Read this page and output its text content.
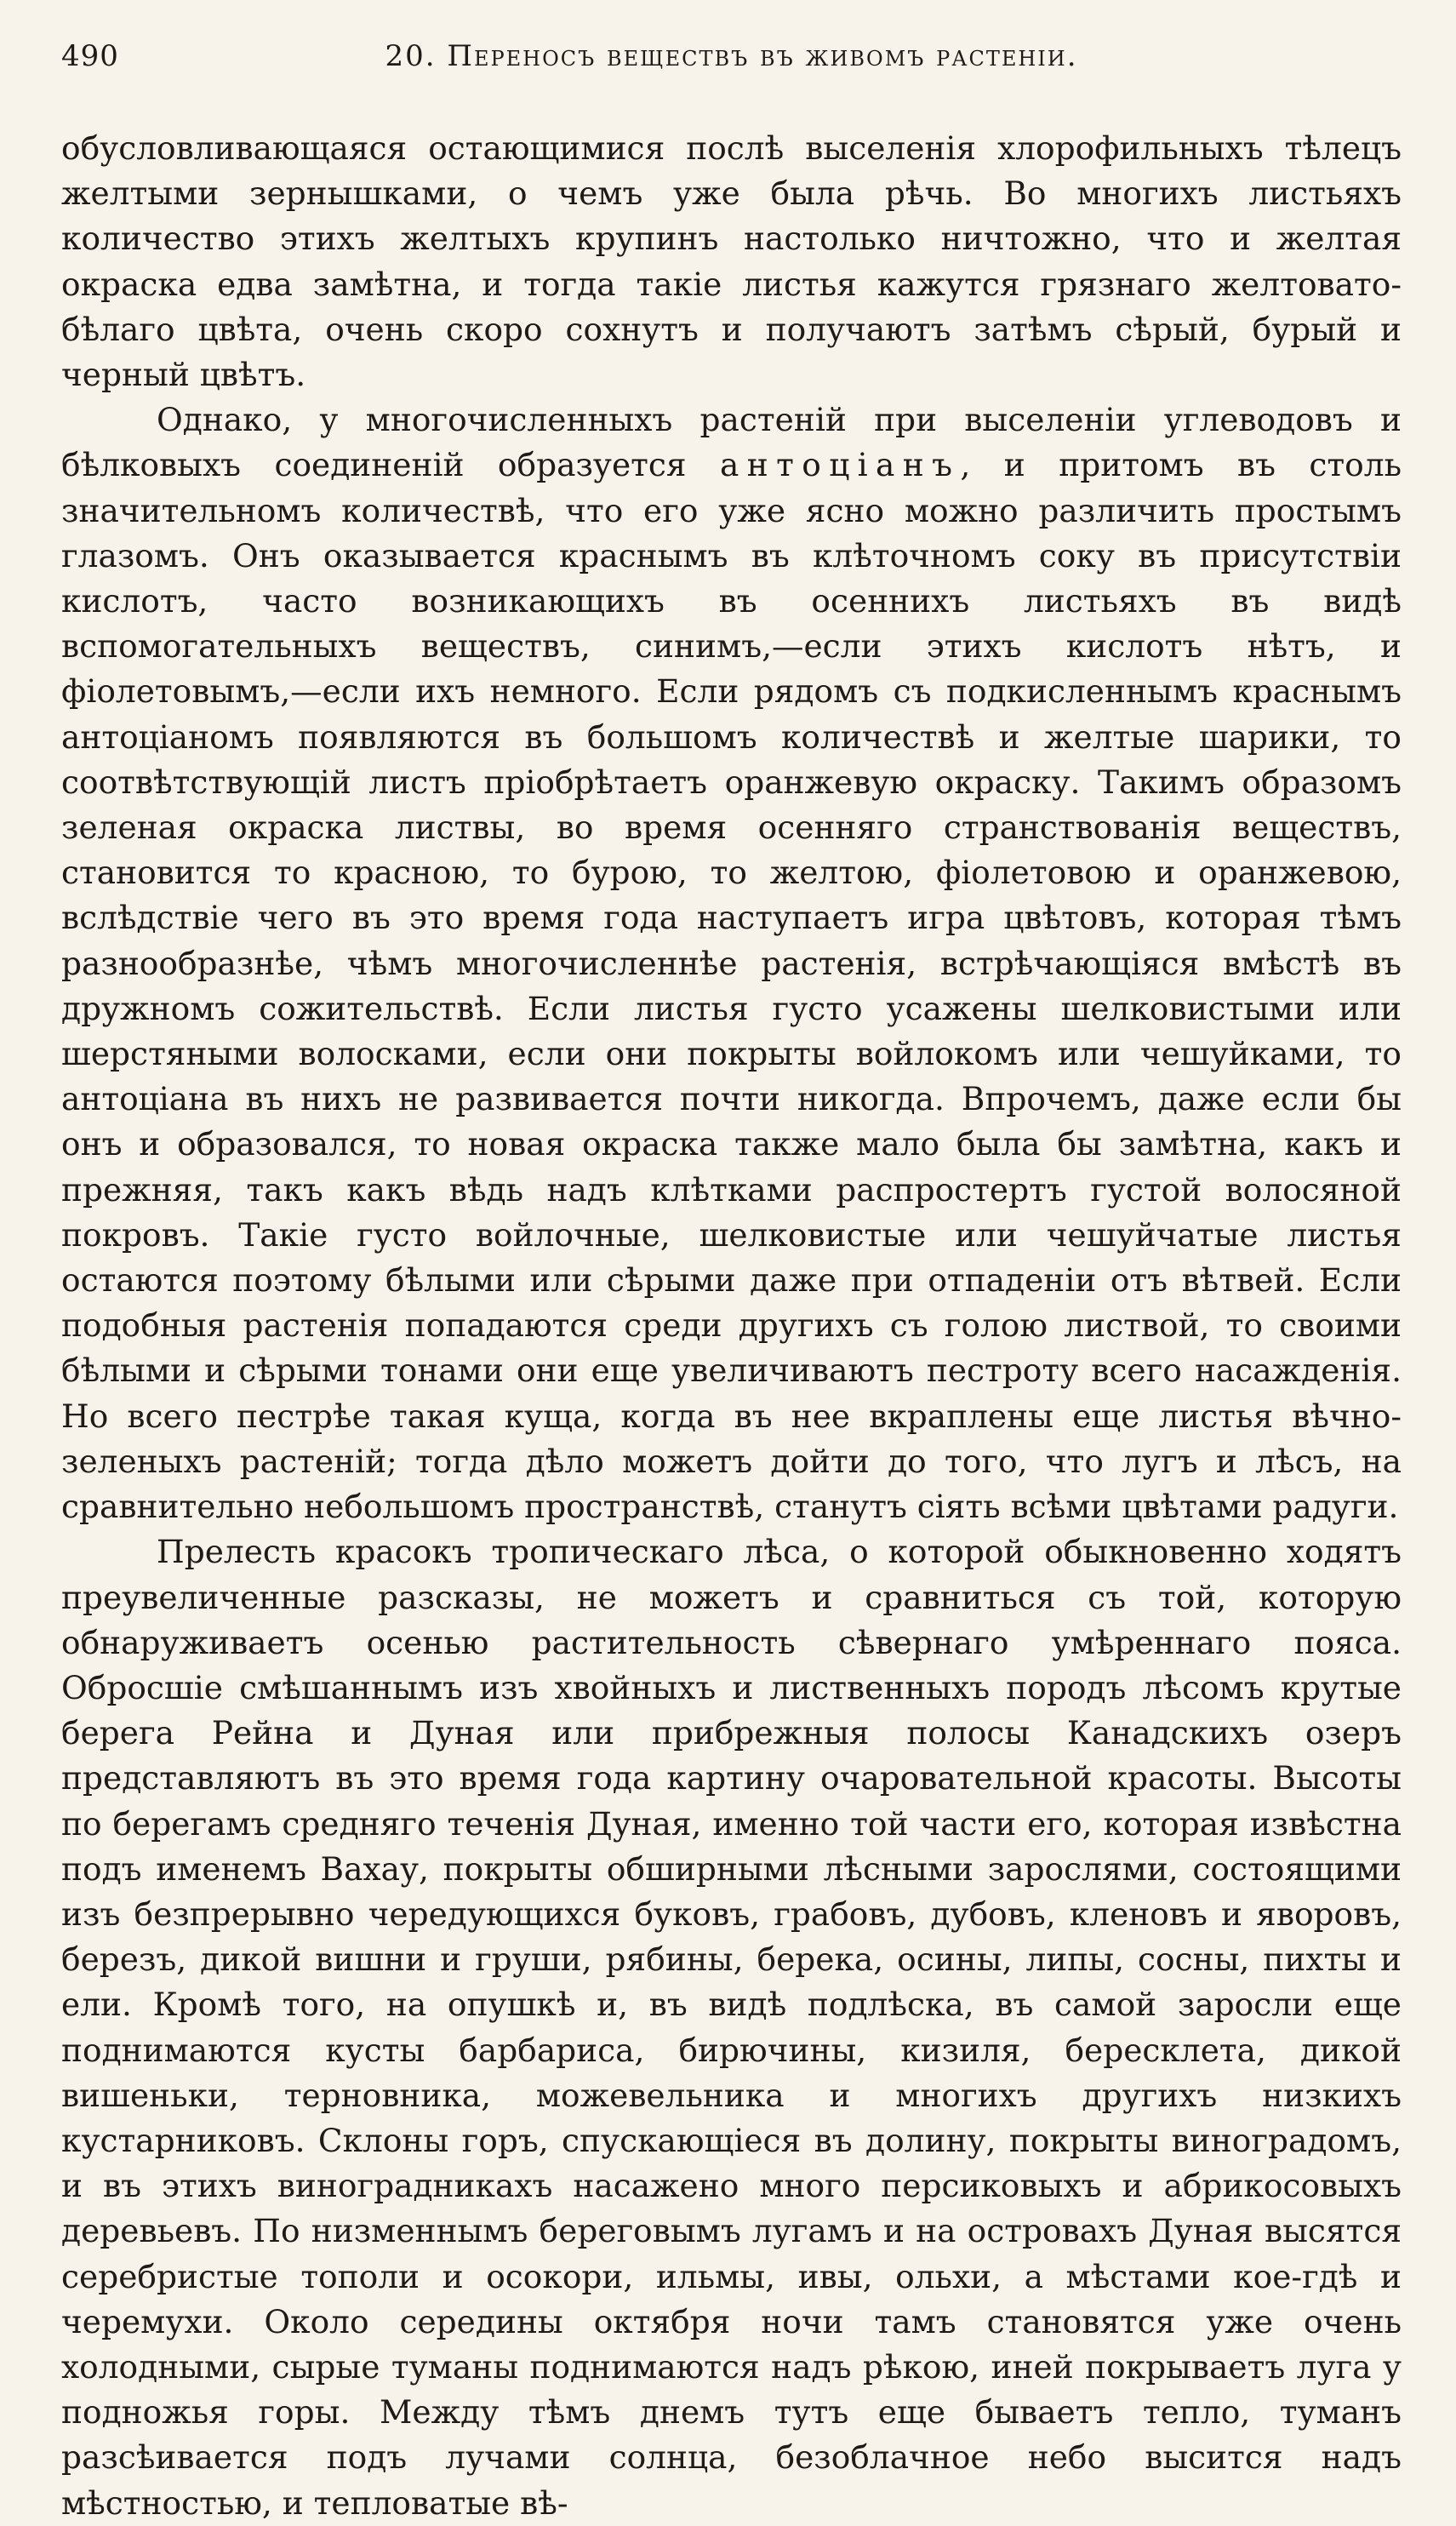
490	20. Переносъ веществъ въ живомъ растеніи.

обусловливающаяся остающимися послѣ выселенія хлорофильныхъ тѣлецъ желтыми зернышками, о чемъ уже была рѣчь. Во многихъ листьяхъ количество этихъ желтыхъ крупинъ настолько ничтожно, что и желтая окраска едва замѣтна, и тогда такіе листья кажутся грязнаго желтовато-бѣлаго цвѣта, очень скоро сохнутъ и получаютъ затѣмъ сѣрый, бурый и черный цвѣтъ.

Однако, у многочисленныхъ растеній при выселеніи углеводовъ и бѣлковыхъ соединеній образуется антоціанъ, и притомъ въ столь значительномъ количествѣ, что его уже ясно можно различить простымъ глазомъ. Онъ оказывается краснымъ въ клѣточномъ соку въ присутствіи кислотъ, часто возникающихъ въ осеннихъ листьяхъ въ видѣ вспомогательныхъ веществъ, синимъ,—если этихъ кислотъ нѣтъ, и фіолетовымъ,—если ихъ немного. Если рядомъ съ подкисленнымъ краснымъ антоціаномъ появляются въ большомъ количествѣ и желтые шарики, то соотвѣтствующій листъ пріобрѣтаетъ оранжевую окраску. Такимъ образомъ зеленая окраска листвы, во время осенняго странствованія веществъ, становится то красною, то бурою, то желтою, фіолетовою и оранжевою, вслѣдствіе чего въ это время года наступаетъ игра цвѣтовъ, которая тѣмъ разнообразнѣе, чѣмъ многочисленнѣе растенія, встрѣчающіяся вмѣстѣ въ дружномъ сожительствѣ. Если листья густо усажены шелковистыми или шерстяными волосками, если они покрыты войлокомъ или чешуйками, то антоціана въ нихъ не развивается почти никогда. Впрочемъ, даже если бы онъ и образовался, то новая окраска также мало была бы замѣтна, какъ и прежняя, такъ какъ вѣдь надъ клѣтками распростертъ густой волосяной покровъ. Такіе густо войлочные, шелковистые или чешуйчатые листья остаются поэтому бѣлыми или сѣрыми даже при отпаденіи отъ вѣтвей. Если подобныя растенія попадаются среди другихъ съ голою листвой, то своими бѣлыми и сѣрыми тонами они еще увеличиваютъ пестроту всего насажденія. Но всего пестрѣе такая куща, когда въ нее вкраплены еще листья вѣчно-зеленыхъ растеній; тогда дѣло можетъ дойти до того, что лугъ и лѣсъ, на сравнительно небольшомъ пространствѣ, станутъ сіять всѣми цвѣтами радуги.

Прелесть красокъ тропическаго лѣса, о которой обыкновенно ходятъ преувеличенные разсказы, не можетъ и сравниться съ той, которую обнаруживаетъ осенью растительность сѣвернаго умѣреннаго пояса. Обросшіе смѣшаннымъ изъ хвойныхъ и лиственныхъ породъ лѣсомъ крутые берега Рейна и Дуная или прибрежныя полосы Канадскихъ озеръ представляютъ въ это время года картину очаровательной красоты. Высоты по берегамъ средняго теченія Дуная, именно той части его, которая извѣстна подъ именемъ Вахау, покрыты обширными лѣсными зарослями, состоящими изъ безпрерывно чередующихся буковъ, грабовъ, дубовъ, кленовъ и яворовъ, березъ, дикой вишни и груши, рябины, берека, осины, липы, сосны, пихты и ели. Кромѣ того, на опушкѣ и, въ видѣ подлѣска, въ самой заросли еще поднимаются кусты барбариса, бирючины, кизиля, бересклета, дикой вишеньки, терновника, можевельника и многихъ другихъ низкихъ кустарниковъ. Склоны горъ, спускающіеся въ долину, покрыты виноградомъ, и въ этихъ виноградникахъ насажено много персиковыхъ и абрикосовыхъ деревьевъ. По низменнымъ береговымъ лугамъ и на островахъ Дуная высятся серебристые тополи и осокори, ильмы, ивы, ольхи, а мѣстами кое-гдѣ и черемухи. Около середины октября ночи тамъ становятся уже очень холодными, сырые туманы поднимаются надъ рѣкою, иней покрываетъ луга у подножья горы. Между тѣмъ днемъ тутъ еще бываетъ тепло, туманъ разсѣивается подъ лучами солнца, безоблачное небо высится надъ мѣстностью, и тепловатые вѣ-
